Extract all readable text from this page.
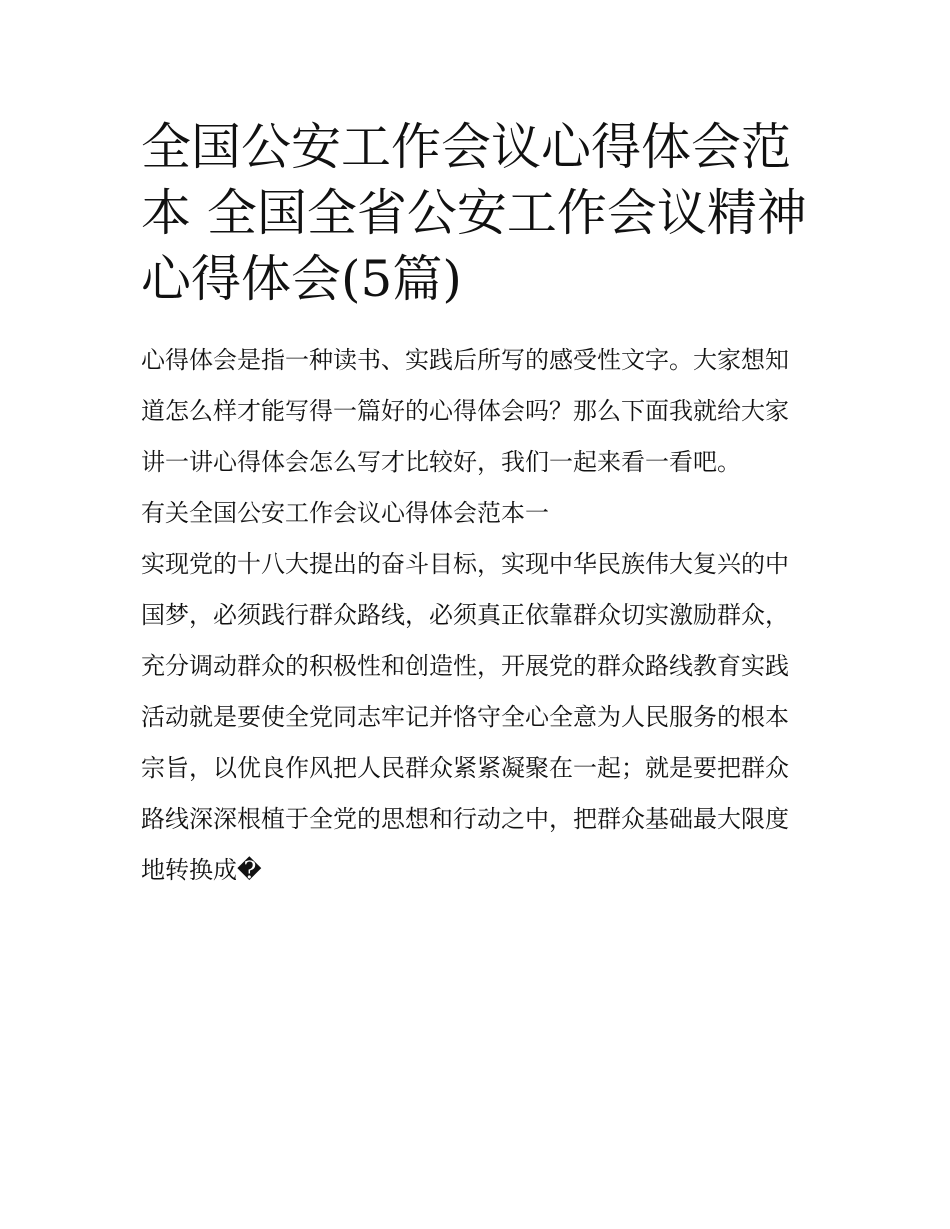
全国公安工作会议心得体会范
本 全国全省公安工作会议精神
心得体会(5篇)
心得体会是指一种读书、实践后所写的感受性文字。大家想知
道怎么样才能写得一篇好的心得体会吗？那么下面我就给大家
讲一讲心得体会怎么写才比较好，我们一起来看一看吧。
有关全国公安工作会议心得体会范本一
实现党的十八大提出的奋斗目标，实现中华民族伟大复兴的中
国梦，必须践行群众路线，必须真正依靠群众切实激励群众，
充分调动群众的积极性和创造性，开展党的群众路线教育实践
活动就是要使全党同志牢记并恪守全心全意为人民服务的根本
宗旨，以优良作风把人民群众紧紧凝聚在一起；就是要把群众
路线深深根植于全党的思想和行动之中，把群众基础最大限度
地转换成�
